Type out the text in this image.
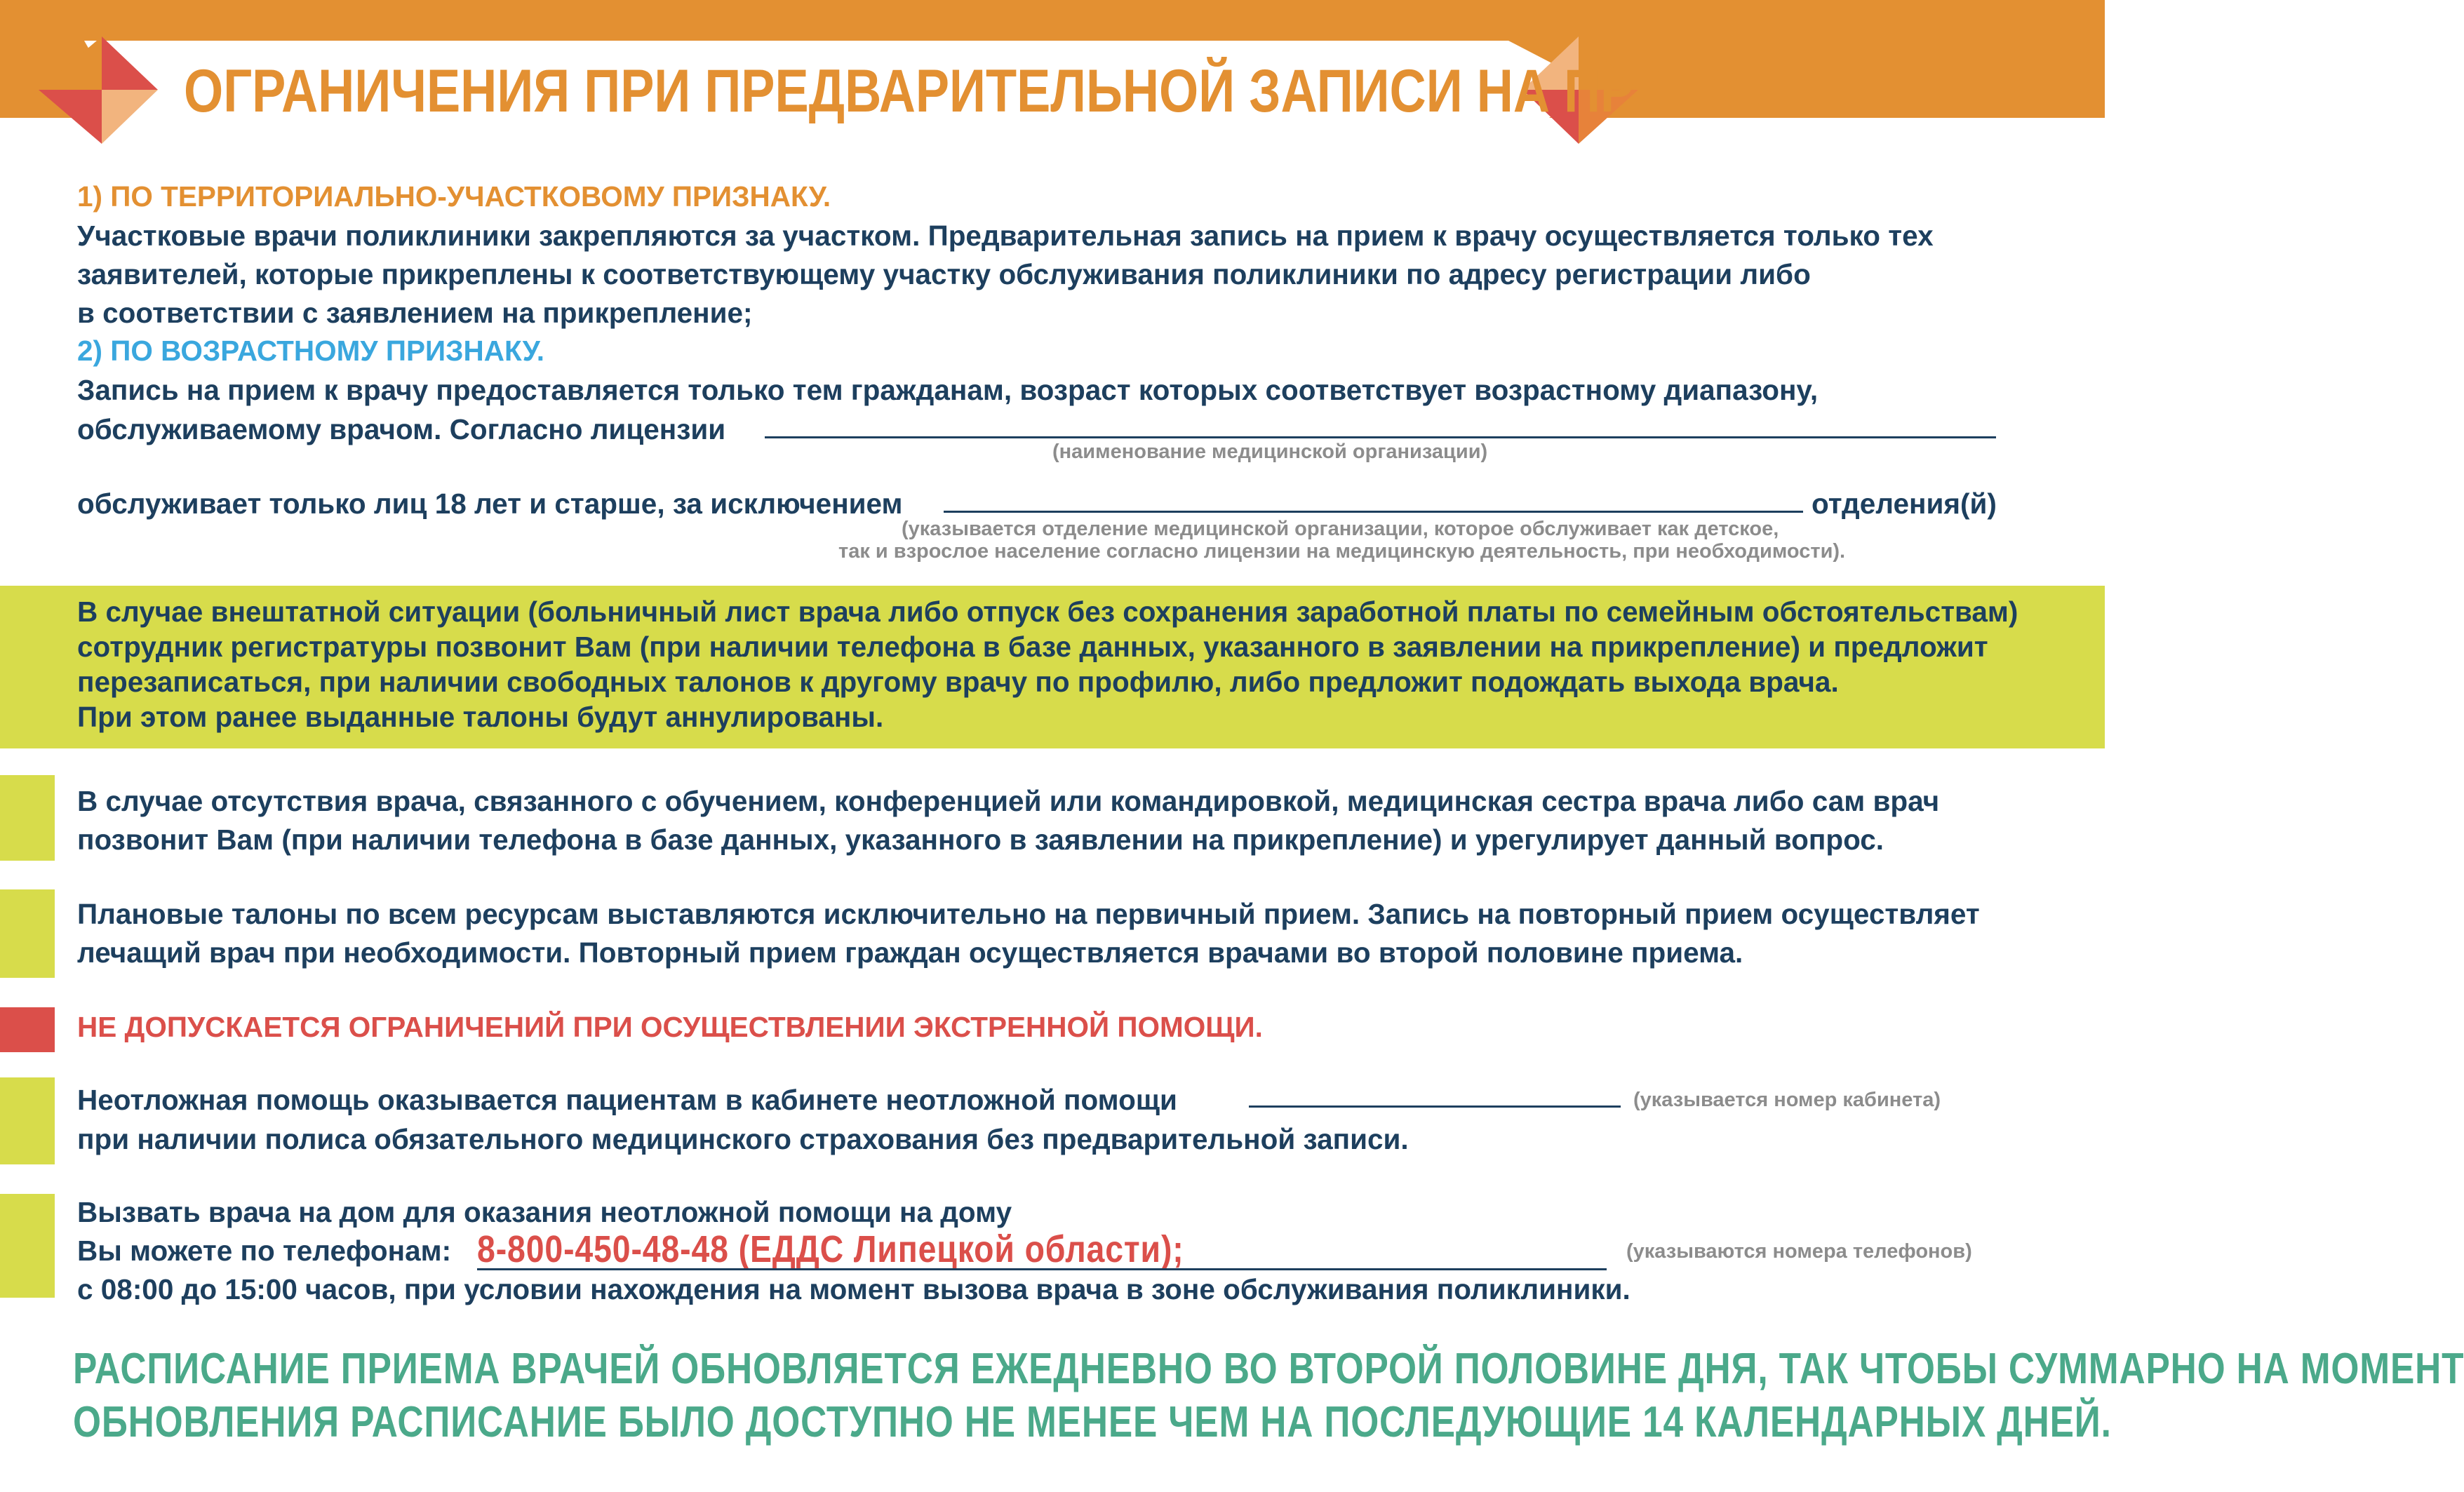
ОГРАНИЧЕНИЯ ПРИ ПРЕДВАРИТЕЛЬНОЙ ЗАПИСИ НА ПРИЕМ:
1) ПО ТЕРРИТОРИАЛЬНО-УЧАСТКОВОМУ ПРИЗНАКУ.
Участковые врачи поликлиники закрепляются за участком. Предварительная запись на прием к врачу осуществляется только тех
заявителей, которые прикреплены к соответствующему участку обслуживания поликлиники по адресу регистрации либо
в соответствии с заявлением на прикрепление;
2) ПО ВОЗРАСТНОМУ ПРИЗНАКУ.
Запись на прием к врачу предоставляется только тем гражданам, возраст которых соответствует возрастному диапазону,
обслуживаемому врачом. Согласно лицензии
(наименование медицинской организации)
обслуживает только лиц 18 лет и старше, за исключением	отделения(й)
(указывается отделение медицинской организации, которое обслуживает как детское,
так и взрослое население согласно лицензии на медицинскую деятельность, при необходимости).
В случае внештатной ситуации (больничный лист врача либо отпуск без сохранения заработной платы по семейным обстоятельствам)
сотрудник регистратуры позвонит Вам (при наличии телефона в базе данных, указанного в заявлении на прикрепление) и предложит
перезаписаться, при наличии свободных талонов к другому врачу по профилю, либо предложит подождать выхода врача.
При этом ранее выданные талоны будут аннулированы.
В случае отсутствия врача, связанного с обучением, конференцией или командировкой, медицинская сестра врача либо сам врач
позвонит Вам (при наличии телефона в базе данных, указанного в заявлении на прикрепление) и урегулирует данный вопрос.
Плановые талоны по всем ресурсам выставляются исключительно на первичный прием. Запись на повторный прием осуществляет
лечащий врач при необходимости. Повторный прием граждан осуществляется врачами во второй половине приема.
НЕ ДОПУСКАЕТСЯ ОГРАНИЧЕНИЙ ПРИ ОСУЩЕСТВЛЕНИИ ЭКСТРЕННОЙ ПОМОЩИ.
Неотложная помощь оказывается пациентам в кабинете неотложной помощи	(указывается номер кабинета)
при наличии полиса обязательного медицинского страхования без предварительной записи.
Вызвать врача на дом для оказания неотложной помощи на дому
Вы можете по телефонам: 8-800-450-48-48 (ЕДДС Липецкой области);	(указываются номера телефонов)
с 08:00 до 15:00 часов, при условии нахождения на момент вызова врача в зоне обслуживания поликлиники.
РАСПИСАНИЕ ПРИЕМА ВРАЧЕЙ ОБНОВЛЯЕТСЯ ЕЖЕДНЕВНО ВО ВТОРОЙ ПОЛОВИНЕ ДНЯ, ТАК ЧТОБЫ СУММАРНО НА МОМЕНТ
ОБНОВЛЕНИЯ РАСПИСАНИЕ БЫЛО ДОСТУПНО НЕ МЕНЕЕ ЧЕМ НА ПОСЛЕДУЮЩИЕ 14 КАЛЕНДАРНЫХ ДНЕЙ.
